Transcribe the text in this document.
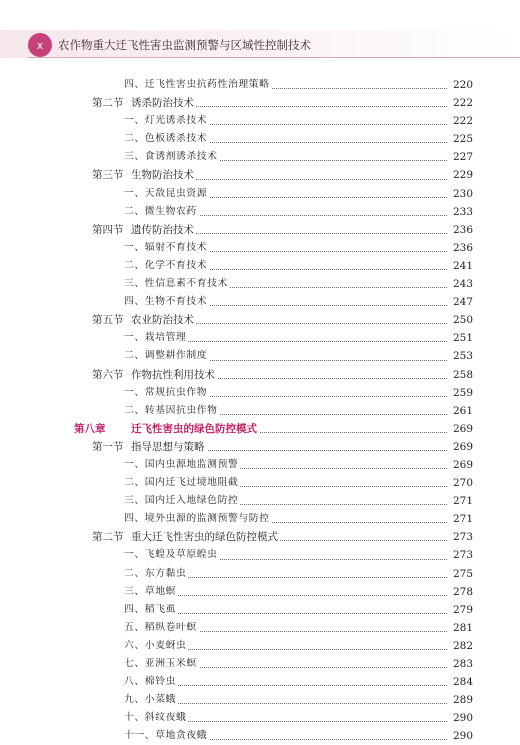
x	农作物重大迁飞性害虫监测预警与区域性控制技术
四、迁飞性害虫抗药性治理策略	220
第二节 诱杀防治技术	222
一、灯光诱杀技术	222
二、色板诱杀技术	225
三、食诱剂诱杀技术	227
第三节 生物防治技术	229
一、天敌昆虫资源	230
二、微生物农药	233
第四节 遗传防治技术	236
一、辐射不育技术	236
二、化学不育技术	241
三、性信息素不育技术	243
四、生物不育技术	247
第五节 农业防治技术	250
一、栽培管理	251
二、调整耕作制度	253
第六节 作物抗性利用技术	258
一、常规抗虫作物	259
二、转基因抗虫作物	261
第八章	迁飞性害虫的绿色防控模式	269
第一节 指导思想与策略	269
一、国内虫源地监测预警	269
二、国内迁飞过境地阻截	270
三、国内迁入地绿色防控	271
四、境外虫源的监测预警与防控	271
第二节 重大迁飞性害虫的绿色防控模式	273
一、飞蝗及草原蝗虫	273
二、东方黏虫	275
三、草地螟	278
四、稻飞虱	279
五、稻纵卷叶螟	281
六、小麦蚜虫	282
七、亚洲玉米螟	283
八、棉铃虫	284
九、小菜蛾	289
十、斜纹夜蛾	290
十一、草地贪夜蛾	290
